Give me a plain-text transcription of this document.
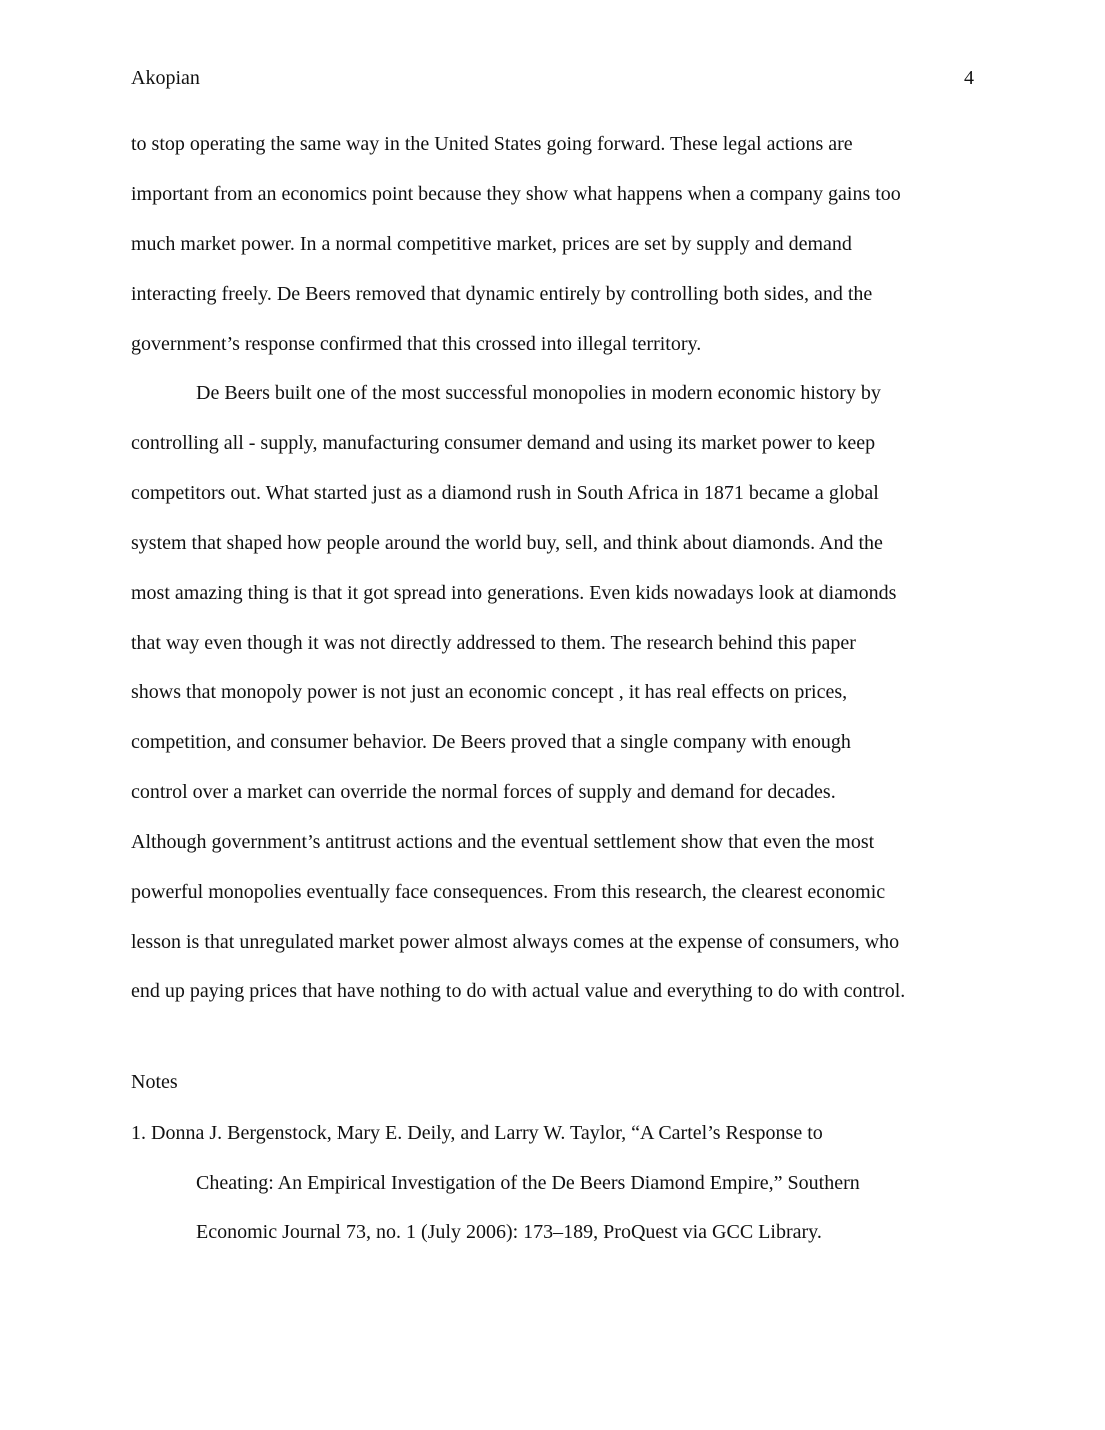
Akopian	4
to stop operating the same way in the United States going forward. These legal actions are
important from an economics point because they show what happens when a company gains too
much market power. In a normal competitive market, prices are set by supply and demand
interacting freely. De Beers removed that dynamic entirely by controlling both sides, and the
government’s response confirmed that this crossed into illegal territory.
De Beers built one of the most successful monopolies in modern economic history by
controlling all - supply, manufacturing consumer demand and using its market power to keep
competitors out. What started just as a diamond rush in South Africa in 1871 became a global
system that shaped how people around the world buy, sell, and think about diamonds. And the
most amazing thing is that it got spread into generations. Even kids nowadays look at diamonds
that way even though it was not directly addressed to them. The research behind this paper
shows that monopoly power is not just an economic concept , it has real effects on prices,
competition, and consumer behavior. De Beers proved that a single company with enough
control over a market can override the normal forces of supply and demand for decades.
Although government’s antitrust actions and the eventual settlement show that even the most
powerful monopolies eventually face consequences. From this research, the clearest economic
lesson is that unregulated market power almost always comes at the expense of consumers, who
end up paying prices that have nothing to do with actual value and everything to do with control.
Notes
1. Donna J. Bergenstock, Mary E. Deily, and Larry W. Taylor, “A Cartel’s Response to
Cheating: An Empirical Investigation of the De Beers Diamond Empire,” Southern
Economic Journal 73, no. 1 (July 2006): 173–189, ProQuest via GCC Library.
